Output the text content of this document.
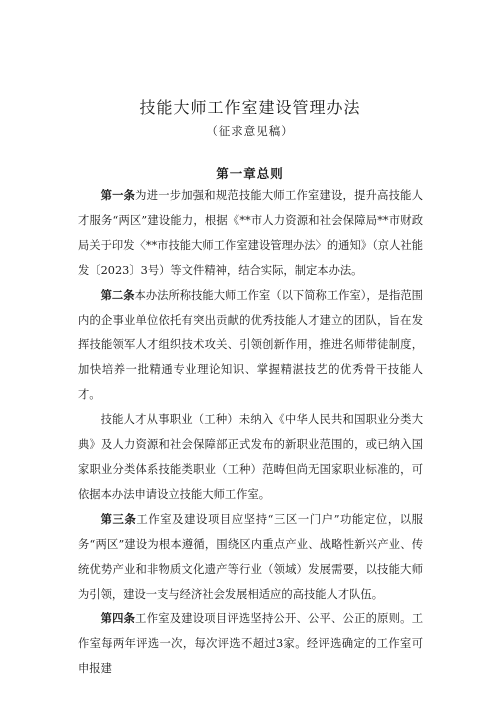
技能大师工作室建设管理办法
（征求意见稿）
第一章总则

第一条为进一步加强和规范技能大师工作室建设，提升高技能人才服务“两区”建设能力，根据《**市人力资源和社会保障局**市财政局关于印发〈**市技能大师工作室建设管理办法〉的通知》（京人社能发〔2023〕3号）等文件精神，结合实际，制定本办法。

第二条本办法所称技能大师工作室（以下简称工作室），是指范围内的企事业单位依托有突出贡献的优秀技能人才建立的团队，旨在发挥技能领军人才组织技术攻关、引领创新作用，推进名师带徒制度，加快培养一批精通专业理论知识、掌握精湛技艺的优秀骨干技能人才。

技能人才从事职业（工种）未纳入《中华人民共和国职业分类大典》及人力资源和社会保障部正式发布的新职业范围的，或已纳入国家职业分类体系技能类职业（工种）范畴但尚无国家职业标准的，可依据本办法申请设立技能大师工作室。

第三条工作室及建设项目应坚持“三区一门户”功能定位，以服务“两区”建设为根本遵循，围绕区内重点产业、战略性新兴产业、传统优势产业和非物质文化遗产等行业（领域）发展需要，以技能大师为引领，建设一支与经济社会发展相适应的高技能人才队伍。

第四条工作室及建设项目评选坚持公开、公平、公正的原则。工作室每两年评选一次，每次评选不超过3家。经评选确定的工作室可申报建
